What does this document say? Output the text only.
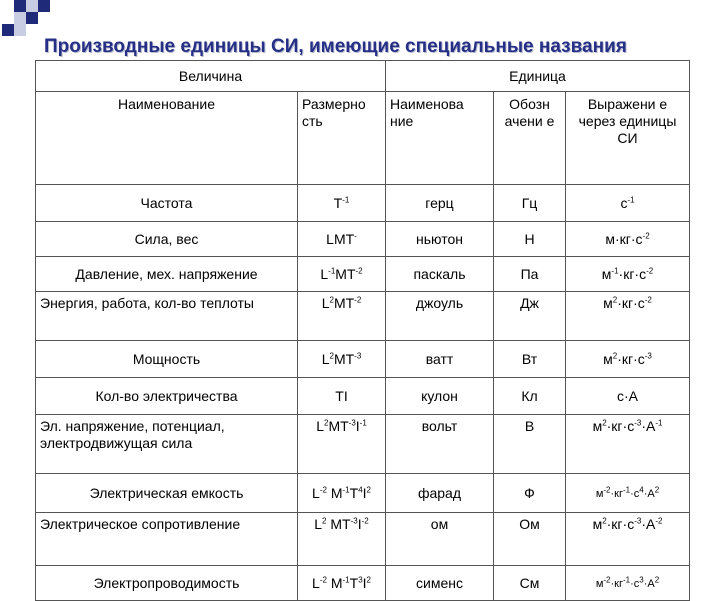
Производные единицы СИ, имеющие специальные названия
Величина		Единица		
Наименование	Размерно сть	Наименова ние	Обозн ачени е	Выражени е через единицы СИ
Частота	$T^{-1}$	герц	Гц	$с^{-1}$
Сила, вес	LMT-	ньютон	Н	$м\cdot кг\cdot с^{-2}$
Давление, мех. напряжение	$L^{-1}MT^{-2}$	паскаль	Па	$м^{-1}\cdot кг\cdot с^{-2}$
Энергия, работа, кол-во теплоты	$L^2MT^{-2}$	джоуль	Дж	$м^2\cdot кг\cdot с^{-2}$
Мощность	$L^2MT^{-3}$	ватт	Вт	$м^2\cdot кг\cdot с^{-3}$
Кол-во электричества	TI	кулон	Кл	с·А
Эл. напряжение, потенциал, электродвижущая сила	$L^2MT^{-3}I^{-1}$	вольт	В	$м^2\cdot кг\cdot с^{-3}\cdot А^{-1}$
Электрическая емкость	$L^{-2}$ $M^{-1}T^4I^2$	фарад	Ф	$м^{-2}\cdot кг^{-1}\cdot с^4\cdot А^2$
Электрическое сопротивление	$L^2$ $MT^{-3}I^{-2}$	ом	Ом	$м^2\cdot кг\cdot с^{-3}\cdot А^{-2}$
Электропроводимость	$L^{-2}$ $M^{-1}T^3I^2$	сименс	См	$м^{-2}\cdot кг^{-1}\cdot с^3\cdot А^2$
